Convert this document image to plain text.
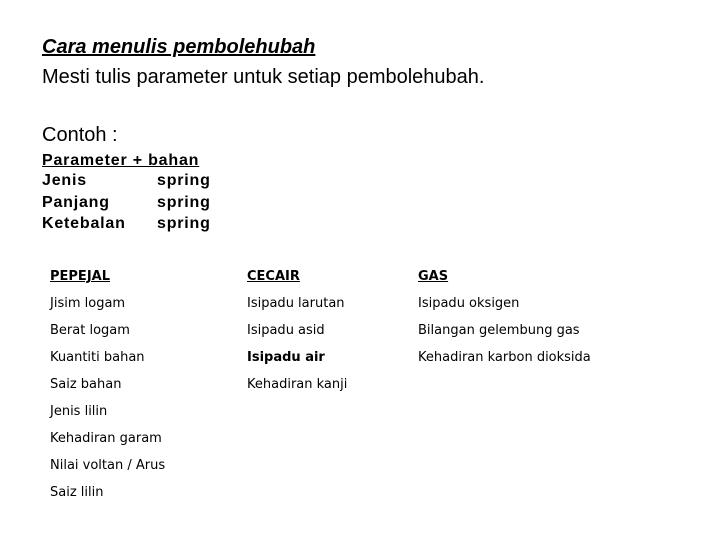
Cara menulis pembolehubah
Mesti tulis parameter untuk setiap pembolehubah.
Contoh :
Parameter + bahan
Jenis	spring
Panjang	spring
Ketebalan spring
PEPEJAL
Jisim logam
Berat logam
Kuantiti bahan
Saiz bahan
Jenis lilin
Kehadiran garam
Nilai voltan / Arus
Saiz lilin
CECAIR
Isipadu larutan
Isipadu asid
Isipadu air
Kehadiran kanji
GAS
Isipadu oksigen
Bilangan gelembung gas
Kehadiran karbon dioksida
